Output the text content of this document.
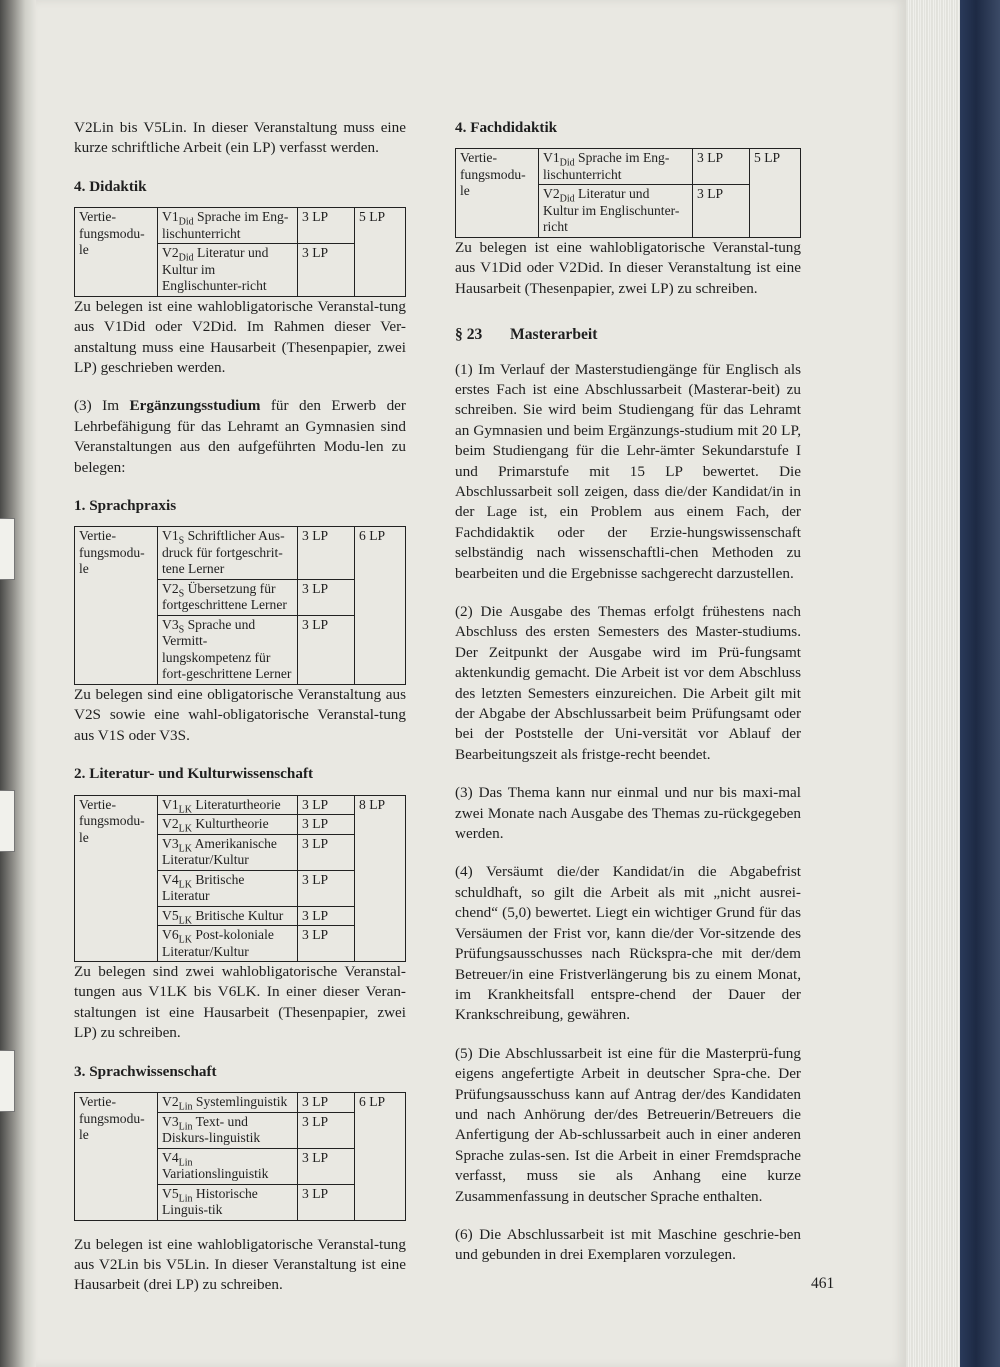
V2Lin bis V5Lin. In dieser Veranstaltung muss eine kurze schriftliche Arbeit (ein LP) verfasst werden.

4. Didaktik
Vertie-fungsmodu-le	$V1_{Did}$ Sprache im Eng-lischunterricht	3 LP	5 LP
	$V2_{Did}$ Literatur und Kultur im Englischunter-richt	3 LP	

Zu belegen ist eine wahlobligatorische Veranstal-tung aus V1Did oder V2Did. Im Rahmen dieser Ver-anstaltung muss eine Hausarbeit (Thesenpapier, zwei LP) geschrieben werden.

(3) Im Ergänzungsstudium für den Erwerb der Lehrbefähigung für das Lehramt an Gymnasien sind Veranstaltungen aus den aufgeführten Modu-len zu belegen:

1. Sprachpraxis
Vertie-fungsmodu-le	$V1_S$ Schriftlicher Aus-druck für fortgeschrit-tene Lerner	3 LP	6 LP
	$V2_S$ Übersetzung für fortgeschrittene Lerner	3 LP	
	$V3_S$ Sprache und Vermitt-lungskompetenz für fort-geschrittene Lerner	3 LP	

Zu belegen sind eine obligatorische Veranstaltung aus V2S sowie eine wahl-obligatorische Veranstal-tung aus V1S oder V3S.

2. Literatur- und Kulturwissenschaft
Vertie-fungsmodu-le	$V1_{LK}$ Literaturtheorie	3 LP	8 LP
	$V2_{LK}$ Kulturtheorie	3 LP	
	$V3_{LK}$ Amerikanische Literatur/Kultur	3 LP	
	$V4_{LK}$ Britische Literatur	3 LP	
	$V5_{LK}$ Britische Kultur	3 LP	
	$V6_{LK}$ Post-koloniale Literatur/Kultur	3 LP	

Zu belegen sind zwei wahlobligatorische Veranstal-tungen aus V1LK bis V6LK. In einer dieser Veran-staltungen ist eine Hausarbeit (Thesenpapier, zwei LP) zu schreiben.

3. Sprachwissenschaft
Vertie-fungsmodu-le	$V2_{Lin}$ Systemlinguistik	3 LP	6 LP
	$V3_{Lin}$ Text- und Diskurs-linguistik	3 LP	
	$V4_{Lin}$ Variationslinguistik	3 LP	
	$V5_{Lin}$ Historische Linguis-tik	3 LP	

Zu belegen ist eine wahlobligatorische Veranstal-tung aus V2Lin bis V5Lin. In dieser Veranstaltung ist eine Hausarbeit (drei LP) zu schreiben.

4. Fachdidaktik
Vertie-fungsmodu-le	$V1_{Did}$ Sprache im Eng-lischunterricht	3 LP	5 LP
	$V2_{Did}$ Literatur und Kultur im Englischunter-richt	3 LP	

Zu belegen ist eine wahlobligatorische Veranstal-tung aus V1Did oder V2Did. In dieser Veranstaltung ist eine Hausarbeit (Thesenpapier, zwei LP) zu schreiben.

§ 23 Masterarbeit

(1) Im Verlauf der Masterstudiengänge für Englisch als erstes Fach ist eine Abschlussarbeit (Masterar-beit) zu schreiben. Sie wird beim Studiengang für das Lehramt an Gymnasien und beim Ergänzungs-studium mit 20 LP, beim Studiengang für die Lehr-ämter Sekundarstufe I und Primarstufe mit 15 LP bewertet. Die Abschlussarbeit soll zeigen, dass die/der Kandidat/in in der Lage ist, ein Problem aus einem Fach, der Fachdidaktik oder der Erzie-hungswissenschaft selbständig nach wissenschaftli-chen Methoden zu bearbeiten und die Ergebnisse sachgerecht darzustellen.

(2) Die Ausgabe des Themas erfolgt frühestens nach Abschluss des ersten Semesters des Master-studiums. Der Zeitpunkt der Ausgabe wird im Prü-fungsamt aktenkundig gemacht. Die Arbeit ist vor dem Abschluss des letzten Semesters einzureichen. Die Arbeit gilt mit der Abgabe der Abschlussarbeit beim Prüfungsamt oder bei der Poststelle der Uni-versität vor Ablauf der Bearbeitungszeit als fristge-recht beendet.

(3) Das Thema kann nur einmal und nur bis maxi-mal zwei Monate nach Ausgabe des Themas zu-rückgegeben werden.

(4) Versäumt die/der Kandidat/in die Abgabefrist schuldhaft, so gilt die Arbeit als mit „nicht ausrei-chend“ (5,0) bewertet. Liegt ein wichtiger Grund für das Versäumen der Frist vor, kann die/der Vor-sitzende des Prüfungsausschusses nach Rückspra-che mit der/dem Betreuer/in eine Fristverlängerung bis zu einem Monat, im Krankheitsfall entspre-chend der Dauer der Krankschreibung, gewähren.

(5) Die Abschlussarbeit ist eine für die Masterprü-fung eigens angefertigte Arbeit in deutscher Spra-che. Der Prüfungsausschuss kann auf Antrag der/des Kandidaten und nach Anhörung der/des Betreuerin/Betreuers die Anfertigung der Ab-schlussarbeit auch in einer anderen Sprache zulas-sen. Ist die Arbeit in einer Fremdsprache verfasst, muss sie als Anhang eine kurze Zusammenfassung in deutscher Sprache enthalten.

(6) Die Abschlussarbeit ist mit Maschine geschrie-ben und gebunden in drei Exemplaren vorzulegen.

461
